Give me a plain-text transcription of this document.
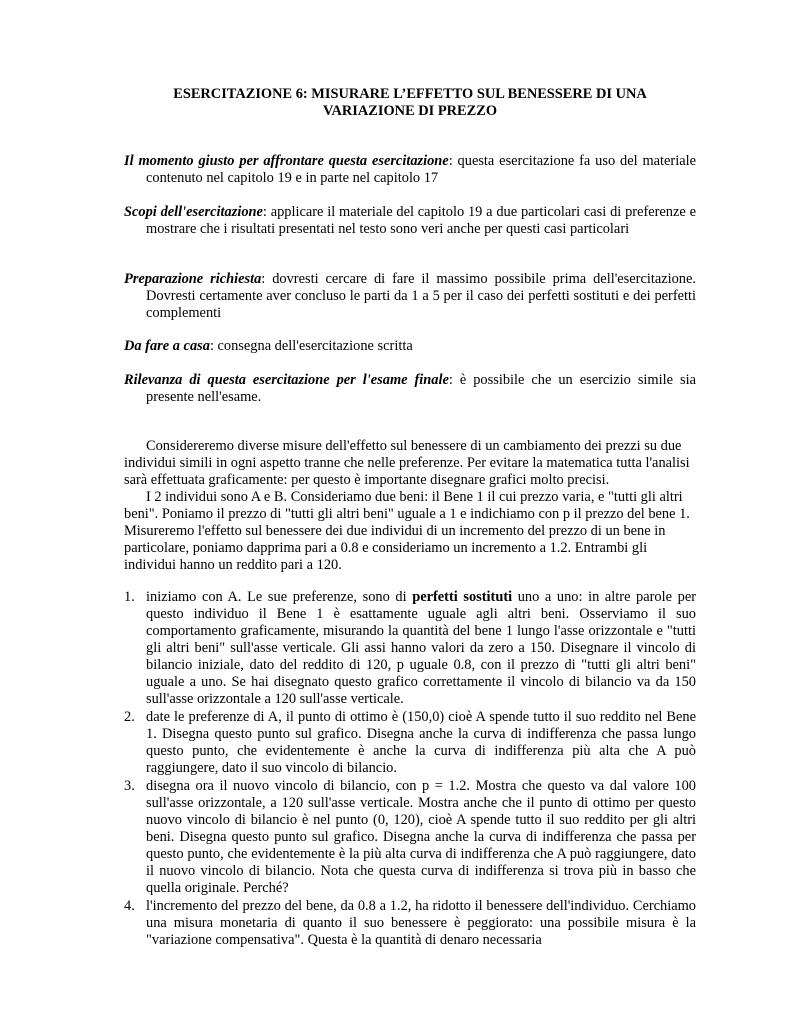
ESERCITAZIONE 6: MISURARE L’EFFETTO SUL BENESSERE DI UNA
VARIAZIONE DI PREZZO

Il momento giusto per affrontare questa esercitazione: questa esercitazione fa uso del materiale contenuto nel capitolo 19 e in parte nel capitolo 17

Scopi dell'esercitazione: applicare il materiale del capitolo 19 a due particolari casi di preferenze e mostrare che i risultati presentati nel testo sono veri anche per questi casi particolari

Preparazione richiesta: dovresti cercare di fare il massimo possibile prima dell'esercitazione. Dovresti certamente aver concluso le parti da 1 a 5 per il caso dei perfetti sostituti e dei perfetti complementi

Da fare a casa: consegna dell'esercitazione scritta

Rilevanza di questa esercitazione per l'esame finale: è possibile che un esercizio simile sia presente nell'esame.

Considereremo diverse misure dell'effetto sul benessere di un cambiamento dei prezzi su due individui simili in ogni aspetto tranne che nelle preferenze. Per evitare la matematica tutta l'analisi sarà effettuata graficamente: per questo è importante disegnare grafici molto precisi.

I 2 individui sono A e B. Consideriamo due beni: il Bene 1 il cui prezzo varia, e "tutti gli altri beni". Poniamo il prezzo di "tutti gli altri beni" uguale a 1 e indichiamo con p il prezzo del bene 1. Misureremo l'effetto sul benessere dei due individui di un incremento del prezzo di un bene in particolare, poniamo dapprima pari a 0.8 e consideriamo un incremento a 1.2. Entrambi gli individui hanno un reddito pari a 120.

1. iniziamo con A. Le sue preferenze, sono di perfetti sostituti uno a uno: in altre parole per questo individuo il Bene 1 è esattamente uguale agli altri beni. Osserviamo il suo comportamento graficamente, misurando la quantità del bene 1 lungo l'asse orizzontale e "tutti gli altri beni" sull'asse verticale. Gli assi hanno valori da zero a 150. Disegnare il vincolo di bilancio iniziale, dato del reddito di 120, p uguale 0.8, con il prezzo di "tutti gli altri beni" uguale a uno. Se hai disegnato questo grafico correttamente il vincolo di bilancio va da 150 sull'asse orizzontale a 120 sull'asse verticale.
2. date le preferenze di A, il punto di ottimo è (150,0) cioè A spende tutto il suo reddito nel Bene 1. Disegna questo punto sul grafico. Disegna anche la curva di indifferenza che passa lungo questo punto, che evidentemente è anche la curva di indifferenza più alta che A può raggiungere, dato il suo vincolo di bilancio.
3. disegna ora il nuovo vincolo di bilancio, con p = 1.2. Mostra che questo va dal valore 100 sull'asse orizzontale, a 120 sull'asse verticale. Mostra anche che il punto di ottimo per questo nuovo vincolo di bilancio è nel punto (0, 120), cioè A spende tutto il suo reddito per gli altri beni. Disegna questo punto sul grafico. Disegna anche la curva di indifferenza che passa per questo punto, che evidentemente è la più alta curva di indifferenza che A può raggiungere, dato il nuovo vincolo di bilancio. Nota che questa curva di indifferenza si trova più in basso che quella originale. Perché?
4. l'incremento del prezzo del bene, da 0.8 a 1.2, ha ridotto il benessere dell'individuo. Cerchiamo una misura monetaria di quanto il suo benessere è peggiorato: una possibile misura è la "variazione compensativa". Questa è la quantità di denaro necessaria
